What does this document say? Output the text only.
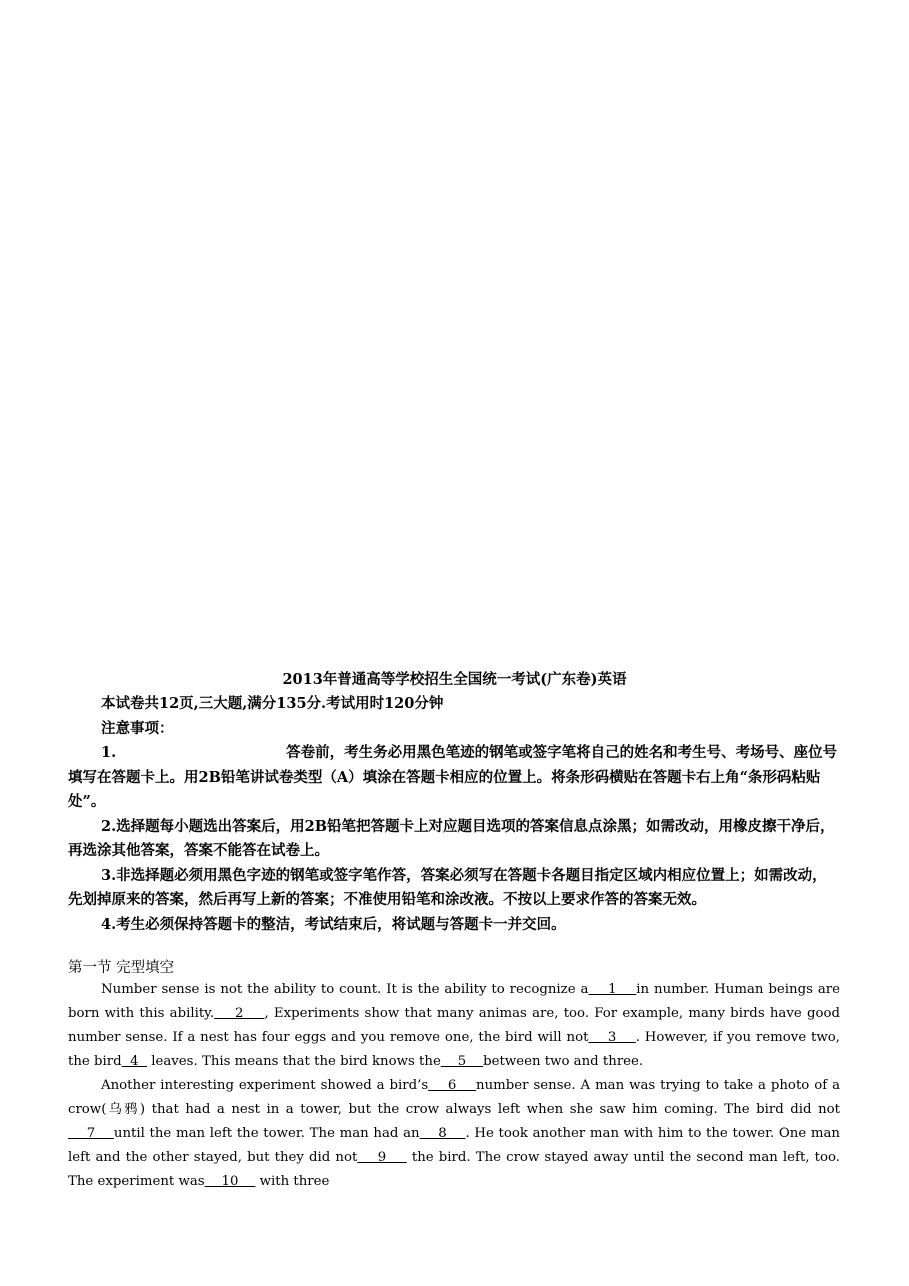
2013年普通高等学校招生全国统一考试(广东卷)英语

本试卷共12页,三大题,满分135分.考试用时120分钟

注意事项：

1.	答卷前，考生务必用黑色笔迹的钢笔或签字笔将自己的姓名和考生号、考场号、座位号填写在答题卡上。用2B铅笔讲试卷类型（A）填涂在答题卡相应的位置上。将条形码横贴在答题卡右上角“条形码粘贴处”。

2.选择题每小题选出答案后，用2B铅笔把答题卡上对应题目选项的答案信息点涂黑；如需改动，用橡皮擦干净后，再选涂其他答案，答案不能答在试卷上。

3.非选择题必须用黑色字迹的钢笔或签字笔作答，答案必须写在答题卡各题目指定区域内相应位置上；如需改动，先划掉原来的答案，然后再写上新的答案；不准使用铅笔和涂改液。不按以上要求作答的答案无效。

4.考生必须保持答题卡的整洁，考试结束后，将试题与答题卡一并交回。

第一节 完型填空

Number sense is not the ability to count. It is the ability to recognize a    1    in number. Human beings are born with this ability.    2    , Experiments show that many animas are, too. For example, many birds have good number sense. If a nest has four eggs and you remove one, the bird will not    3    . However, if you remove two, the bird  4   leaves. This means that the bird knows the    5    between two and three.

Another interesting experiment showed a bird’s    6    number sense. A man was trying to take a photo of a crow(乌鸦) that had a nest in a tower, but the crow always left when she saw him coming. The bird did not    7    until the man left the tower. The man had an    8    . He took another man with him to the tower. One man left and the other stayed, but they did not    9     the bird. The crow stayed away until the second man left, too. The experiment was    10     with three
